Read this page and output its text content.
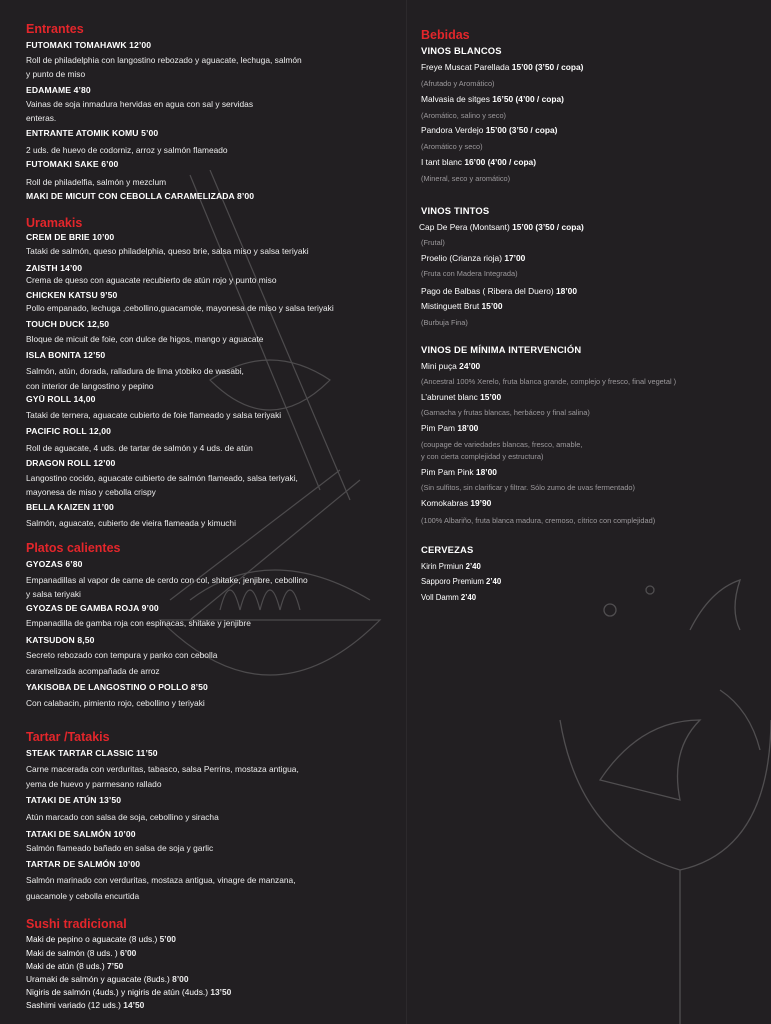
Entrantes
FUTOMAKI TOMAHAWK 12’00
Roll de philadelphia con langostino rebozado y aguacate, lechuga, salmón
y punto de miso
EDAMAME 4’80
Vainas de soja inmadura hervidas en agua con sal y servidas
enteras.
ENTRANTE ATOMIK KOMU 5’00
2 uds. de huevo de codorniz, arroz y salmón flameado
FUTOMAKI SAKE 6’00
Roll de philadelfia, salmón y mezclum
MAKI DE MICUIT CON CEBOLLA CARAMELIZADA 8’00
Uramakis
CREM DE BRIE 10’00
Tataki de salmón, queso philadelphia, queso brie, salsa miso y salsa teriyaki
ZAISTH 14’00
Crema de queso con aguacate recubierto de atún rojo y punto miso
CHICKEN KATSU 9’50
Pollo empanado, lechuga ,cebollino,guacamole, mayonesa de miso y salsa teriyaki
TOUCH DUCK 12,50
Bloque de micuit de foie, con dulce de higos, mango y aguacate
ISLA BONITA 12’50
Salmón, atún, dorada, ralladura de lima ytobiko de wasabi,
con interior de langostino y pepino
GYŪ ROLL 14,00
Tataki de ternera, aguacate cubierto de foie flameado y salsa teriyaki
PACIFIC ROLL 12,00
Roll de aguacate, 4 uds. de tartar de salmón y 4 uds. de atún
DRAGON ROLL 12’00
Langostino cocido, aguacate cubierto de salmón flameado, salsa teriyaki,
mayonesa de miso y cebolla crispy
BELLA KAIZEN 11’00
Salmón, aguacate, cubierto de vieira flameada y kimuchi
Platos calientes
GYOZAS 6’80
Empanadillas al vapor de carne de cerdo con col, shitake, jenjibre, cebollino
y salsa teriyaki
GYOZAS DE GAMBA ROJA 9’00
Empanadilla de gamba roja con espinacas, shitake y jenjibre
KATSUDON 8,50
Secreto rebozado con tempura y panko con cebolla
caramelizada acompañada de arroz
YAKISOBA DE LANGOSTINO O POLLO 8’50
Con calabacin, pimiento rojo, cebollino y teriyaki
Tartar /Tatakis
STEAK TARTAR CLASSIC 11’50
Carne macerada con verduritas, tabasco, salsa Perrins, mostaza antigua,
yema de huevo y parmesano rallado
TATAKI DE ATÚN 13’50
Atún marcado con salsa de soja, cebollino y siracha
TATAKI DE SALMÓN 10’00
Salmón flameado bañado en salsa de soja y garlic
TARTAR DE SALMÓN 10’00
Salmón marinado con verduritas, mostaza antigua, vinagre de manzana,
guacamole y cebolla encurtida
Sushi tradicional
Maki de pepino o aguacate (8 uds.) 5’00
Maki de salmón (8 uds. ) 6’00
Maki de atún (8 uds.) 7’50
Uramaki de salmón y aguacate (8uds.) 8’00
Nigiris de salmón (4uds.) y nigiris de atún (4uds.) 13’50
Sashimi variado (12 uds.) 14’50
Bebidas
VINOS BLANCOS
Freye Muscat Parellada 15’00 (3’50 / copa)
(Afrutado y Aromático)
Malvasia de sitges 16’50 (4’00 / copa)
(Aromático, salino y seco)
Pandora Verdejo 15’00 (3’50 / copa)
(Aromático y seco)
I tant blanc 16’00 (4’00 / copa)
(Mineral, seco y aromático)
VINOS TINTOS
Cap De Pera (Montsant) 15’00 (3’50 / copa)
(Frutal)
Proelio (Crianza rioja) 17’00
(Fruta con Madera Integrada)
Pago de Balbas ( Ribera del Duero) 18’00
Mistinguett Brut 15’00
(Burbuja Fina)
VINOS DE MÍNIMA INTERVENCIÓN
Mini puça 24’00
(Ancestral 100% Xerelo, fruta blanca grande, complejo y fresco, final vegetal )
L’abrunet blanc 15’00
(Garnacha y frutas blancas, herbáceo y final salina)
Pim Pam 18’00
(coupage de variedades blancas, fresco, amable,
y con cierta complejidad y estructura)
Pim Pam Pink 18’00
(Sin sulfitos, sin clarificar y filtrar. Sólo zumo de uvas fermentado)
Komokabras 19’90
(100% Albariño, fruta blanca madura, cremoso, cítrico con complejidad)
CERVEZAS
Kirin Prmiun 2’40
Sapporo Premium 2’40
Voll Damm 2’40
